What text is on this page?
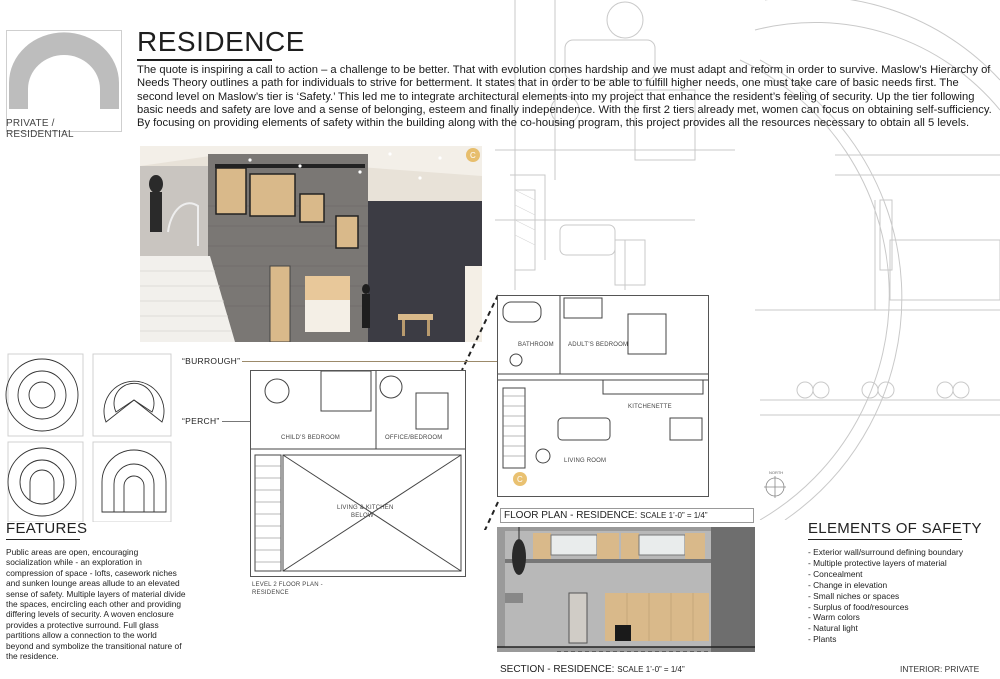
NORTH
PRIVATE / RESIDENTIAL
RESIDENCE
The quote is inspiring a call to action – a challenge to be better. That with evolution comes hardship and we must adapt and reform in order to survive. Maslow’s Hierarchy of Needs Theory outlines a path for individuals to strive for betterment. It states that in order to be able to fulfill higher needs, one must take care of basic needs first. The second level on Maslow’s tier is ‘Safety.’ This led me to integrate architectural elements into my project that enhance the resident’s feeling of security. Up the tier following basic needs and safety are love and a sense of belonging, esteem and finally independence. With the first 2 tiers already met, women can focus on obtaining self-sufficiency. By focusing on providing elements of safety within the building along with the co-housing program, this project provides all the resources necessary to obtain all 5 levels.
C
“BURROUGH”
“PERCH”
C
BATHROOM ADULT’S BEDROOM
KITCHENETTE
LIVING ROOM
CHILD’S BEDROOM	OFFICE/BEDROOM
LIVING & KITCHEN
BELOW
LEVEL 2 FLOOR PLAN -
RESIDENCE
FLOOR PLAN - RESIDENCE: SCALE 1’-0” = 1/4”
SECTION - RESIDENCE: SCALE 1’-0” = 1/4”
FEATURES
Public areas are open, encouraging socialization while - an exploration in compression of space - lofts, casework niches and sunken lounge areas allude to an elevated sense of safety. Multiple layers of material divide the spaces, encircling each other and providing differing levels of security. A woven enclosure provides a protective surround. Full glass partitions allow a connection to the world beyond and symbolize the transitional nature of the residence.
ELEMENTS OF SAFETY
- Exterior wall/surround defining boundary
- Multiple protective layers of material
- Concealment
- Change in elevation
- Small niches or spaces
- Surplus of food/resources
- Warm colors
- Natural light
- Plants
INTERIOR: PRIVATE
